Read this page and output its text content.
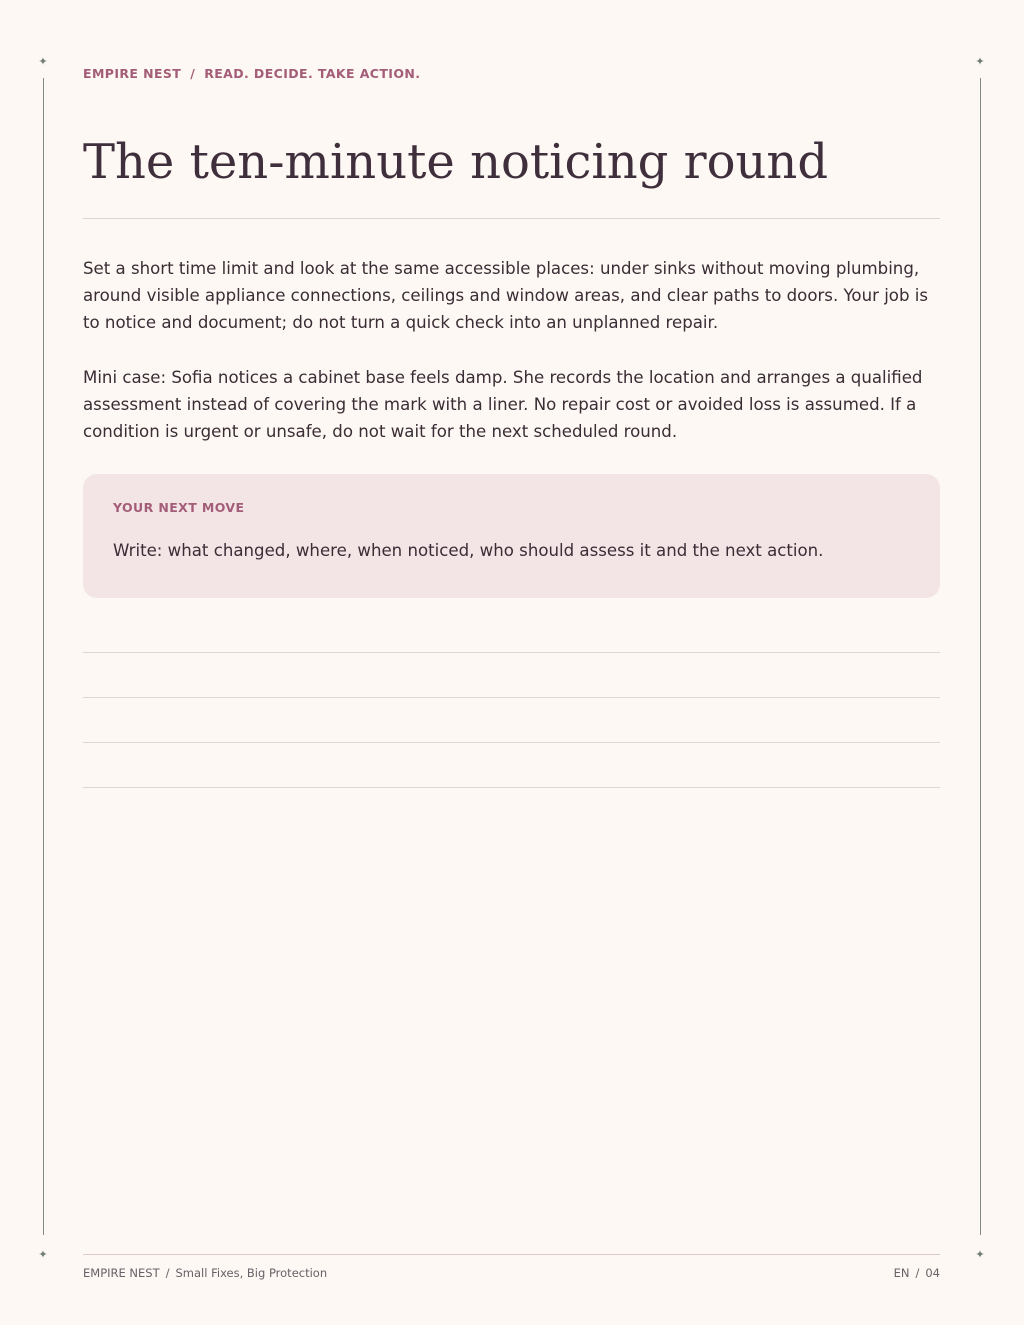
✦	✦
✦	✦
EMPIRE NEST / READ. DECIDE. TAKE ACTION.
The ten-minute noticing round

Set a short time limit and look at the same accessible places: under sinks without moving plumbing, around visible appliance connections, ceilings and window areas, and clear paths to doors. Your job is to notice and document; do not turn a quick check into an unplanned repair.

Mini case: Sofia notices a cabinet base feels damp. She records the location and arranges a qualified assessment instead of covering the mark with a liner. No repair cost or avoided loss is assumed. If a condition is urgent or unsafe, do not wait for the next scheduled round.

YOUR NEXT MOVE
Write: what changed, where, when noticed, who should assess it and the next action.
EMPIRE NEST / Small Fixes, Big Protection	EN / 04
